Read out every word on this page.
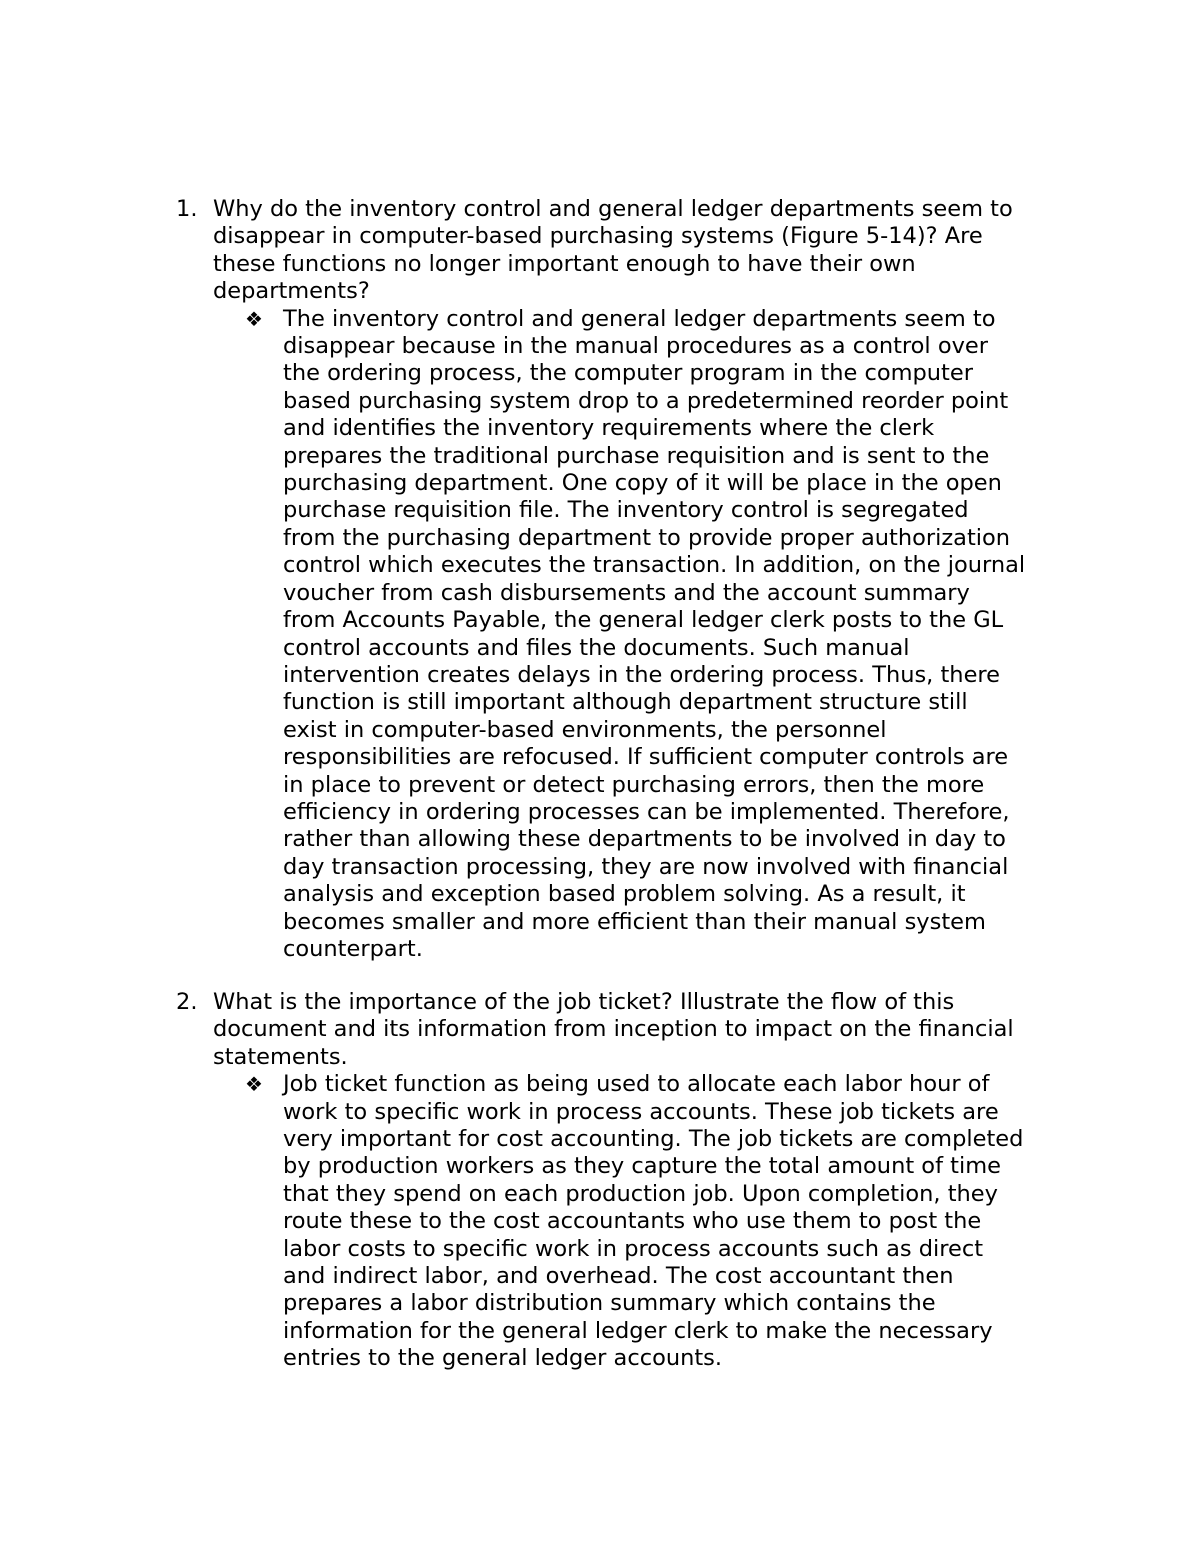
1. Why do the inventory control and general ledger departments seem to
disappear in computer-based purchasing systems (Figure 5-14)? Are
these functions no longer important enough to have their own
departments?
❖ The inventory control and general ledger departments seem to
disappear because in the manual procedures as a control over
the ordering process, the computer program in the computer
based purchasing system drop to a predetermined reorder point
and identifies the inventory requirements where the clerk
prepares the traditional purchase requisition and is sent to the
purchasing department. One copy of it will be place in the open
purchase requisition file. The inventory control is segregated
from the purchasing department to provide proper authorization
control which executes the transaction. In addition, on the journal
voucher from cash disbursements and the account summary
from Accounts Payable, the general ledger clerk posts to the GL
control accounts and files the documents. Such manual
intervention creates delays in the ordering process. Thus, there
function is still important although department structure still
exist in computer-based environments, the personnel
responsibilities are refocused. If sufficient computer controls are
in place to prevent or detect purchasing errors, then the more
efficiency in ordering processes can be implemented. Therefore,
rather than allowing these departments to be involved in day to
day transaction processing, they are now involved with financial
analysis and exception based problem solving. As a result, it
becomes smaller and more efficient than their manual system
counterpart.
2. What is the importance of the job ticket? Illustrate the flow of this
document and its information from inception to impact on the financial
statements.
❖ Job ticket function as being used to allocate each labor hour of
work to specific work in process accounts. These job tickets are
very important for cost accounting. The job tickets are completed
by production workers as they capture the total amount of time
that they spend on each production job. Upon completion, they
route these to the cost accountants who use them to post the
labor costs to specific work in process accounts such as direct
and indirect labor, and overhead. The cost accountant then
prepares a labor distribution summary which contains the
information for the general ledger clerk to make the necessary
entries to the general ledger accounts.
